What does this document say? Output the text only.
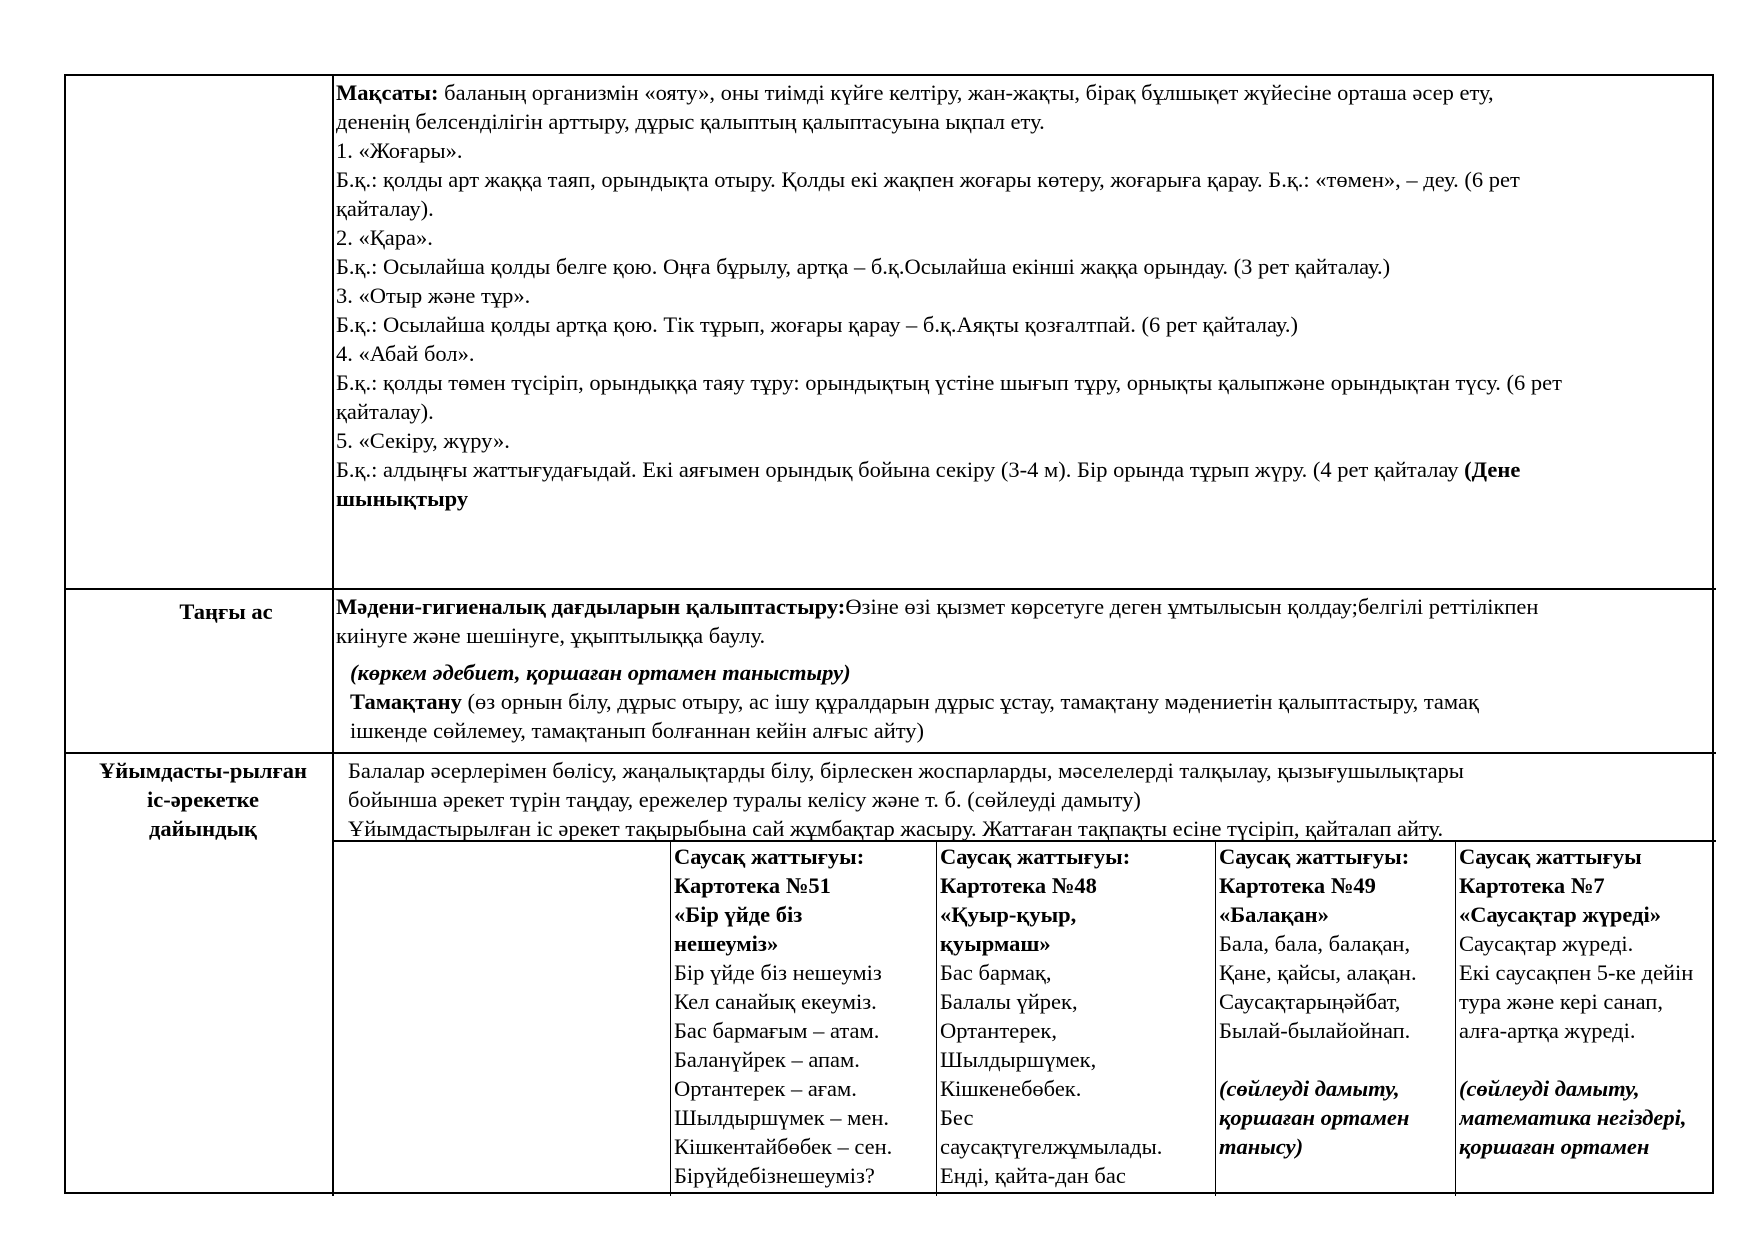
Мақсаты: баланың организмін «ояту», оны тиімді күйге келтіру, жан-жақты, бірақ бұлшықет жүйесіне орташа әсер ету,
дененің белсенділігін арттыру, дұрыс қалыптың қалыптасуына ықпал ету.
1. «Жоғары».
Б.қ.: қолды арт жаққа таяп, орындықта отыру. Қолды екі жақпен жоғары көтеру, жоғарыға қарау. Б.қ.: «төмен», – деу. (6 рет
қайталау).
2. «Қара».
Б.қ.: Осылайша қолды белге қою. Оңға бұрылу, артқа – б.қ.Осылайша екінші жаққа орындау. (3 рет қайталау.)
3. «Отыр және тұр».
Б.қ.: Осылайша қолды артқа қою. Тік тұрып, жоғары қарау – б.қ.Аяқты қозғалтпай. (6 рет қайталау.)
4. «Абай бол».
Б.қ.: қолды төмен түсіріп, орындыққа таяу тұру: орындықтың үстіне шығып тұру, орнықты қалыпжәне орындықтан түсу. (6 рет
қайталау).
5. «Секіру, жүру».
Б.қ.: алдыңғы жаттығудағыдай. Екі аяғымен орындық бойына секіру (3-4 м). Бір орында тұрып жүру. (4 рет қайталау (Дене
шынықтыру
Таңғы ас	Мәдени-гигиеналық дағдыларын қалыптастыру:Өзіне өзі қызмет көрсетуге деген ұмтылысын қолдау;белгілі реттілікпен
киінуге және шешінуге, ұқыптылыққа баулу.
(көркем әдебиет, қоршаған ортамен таныстыру)
Тамақтану (өз орнын білу, дұрыс отыру, ас ішу құралдарын дұрыс ұстау, тамақтану мәдениетін қалыптастыру, тамақ
ішкенде сөйлемеу, тамақтанып болғаннан кейін алғыс айту)
Ұйымдасты-рылған
іс-әрекетке
дайындық
Балалар әсерлерімен бөлісу, жаңалықтарды білу, бірлескен жоспарларды, мәселелерді талқылау, қызығушылықтары
бойынша әрекет түрін таңдау, ережелер туралы келісу және т. б. (сөйлеуді дамыту)
Ұйымдастырылған іс әрекет тақырыбына сай жұмбақтар жасыру. Жаттаған тақпақты есіне түсіріп, қайталап айту.
Саусақ жаттығуы:
Картотека №51
«Бір үйде біз
нешеуміз»
Бір үйде біз нешеуміз
Кел санайық екеуміз.
Бас бармағым – атам.
Баланүйрек – апам.
Ортантерек – ағам.
Шылдыршүмек – мен.
Кішкентайбөбек – сен.
Бірүйдебізнешеуміз?
Саусақ жаттығуы:
Картотека №48
«Қуыр-қуыр,
қуырмаш»
Бас бармақ,
Балалы үйрек,
Ортантерек,
Шылдыршүмек,
Кішкенебөбек.
Бес
саусақтүгелжұмылады.
Енді, қайта-дан бас
Саусақ жаттығуы:
Картотека №49
«Балақан»
Бала, бала, балақан,
Қане, қайсы, алақан.
Саусақтарыңәйбат,
Былай-былайойнап.
(сөйлеуді дамыту,
қоршаған ортамен
танысу)
Саусақ жаттығуы
Картотека №7
«Саусақтар жүреді»
Саусақтар жүреді.
Екі саусақпен 5-ке дейін
тура және кері санап,
алға-артқа жүреді.
(сөйлеуді дамыту,
математика негіздері,
қоршаған ортамен
